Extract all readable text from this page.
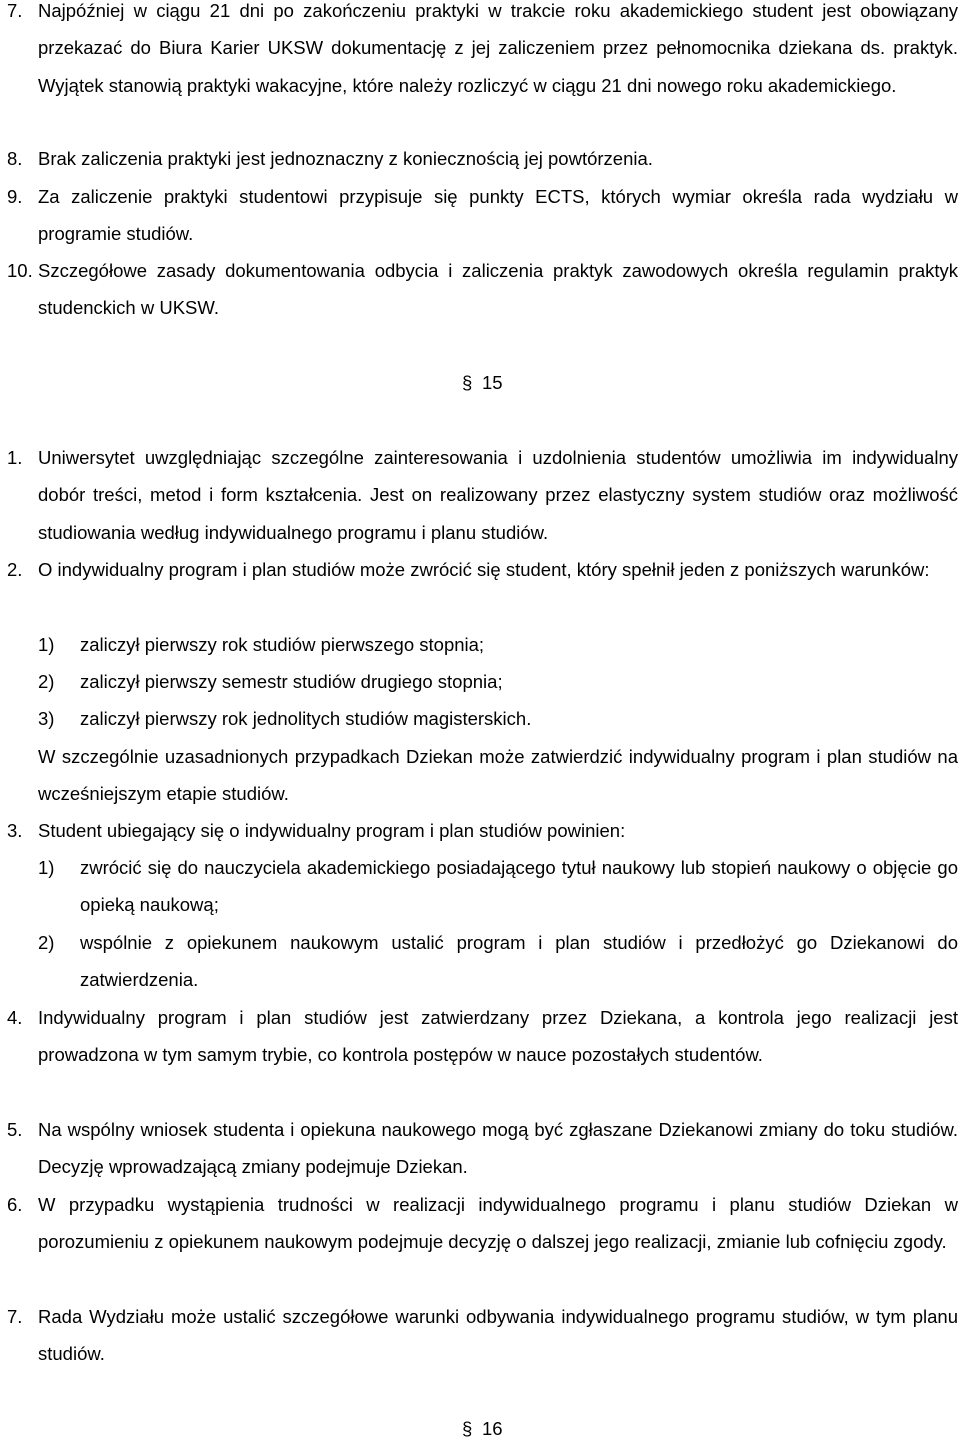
7. Najpóźniej w ciągu 21 dni po zakończeniu praktyki w trakcie roku akademickiego student jest obowiązany przekazać do Biura Karier UKSW dokumentację z jej zaliczeniem przez pełnomocnika dziekana ds. praktyk. Wyjątek stanowią praktyki wakacyjne, które należy rozliczyć w ciągu 21 dni nowego roku akademickiego.
8. Brak zaliczenia praktyki jest jednoznaczny z koniecznością jej powtórzenia.
9. Za zaliczenie praktyki studentowi przypisuje się punkty ECTS, których wymiar określa rada wydziału w programie studiów.
10. Szczegółowe zasady dokumentowania odbycia i zaliczenia praktyk zawodowych określa regulamin praktyk studenckich w UKSW.
§ 15
1. Uniwersytet uwzględniając szczególne zainteresowania i uzdolnienia studentów umożliwia im indywidualny dobór treści, metod i form kształcenia. Jest on realizowany przez elastyczny system studiów oraz możliwość studiowania według indywidualnego programu i planu studiów.
2. O indywidualny program i plan studiów może zwrócić się student, który spełnił jeden z poniższych warunków:
1) zaliczył pierwszy rok studiów pierwszego stopnia;
2) zaliczył pierwszy semestr studiów drugiego stopnia;
3) zaliczył pierwszy rok jednolitych studiów magisterskich.
W szczególnie uzasadnionych przypadkach Dziekan może zatwierdzić indywidualny program i plan studiów na wcześniejszym etapie studiów.
3. Student ubiegający się o indywidualny program i plan studiów powinien:
1) zwrócić się do nauczyciela akademickiego posiadającego tytuł naukowy lub stopień naukowy o objęcie go opieką naukową;
2) wspólnie z opiekunem naukowym ustalić program i plan studiów i przedłożyć go Dziekanowi do zatwierdzenia.
4. Indywidualny program i plan studiów jest zatwierdzany przez Dziekana, a kontrola jego realizacji jest prowadzona w tym samym trybie, co kontrola postępów w nauce pozostałych studentów.
5. Na wspólny wniosek studenta i opiekuna naukowego mogą być zgłaszane Dziekanowi zmiany do toku studiów. Decyzję wprowadzającą zmiany podejmuje Dziekan.
6. W przypadku wystąpienia trudności w realizacji indywidualnego programu i planu studiów Dziekan w porozumieniu z opiekunem naukowym podejmuje decyzję o dalszej jego realizacji, zmianie lub cofnięciu zgody.
7. Rada Wydziału może ustalić szczegółowe warunki odbywania indywidualnego programu studiów, w tym planu studiów.
§ 16
